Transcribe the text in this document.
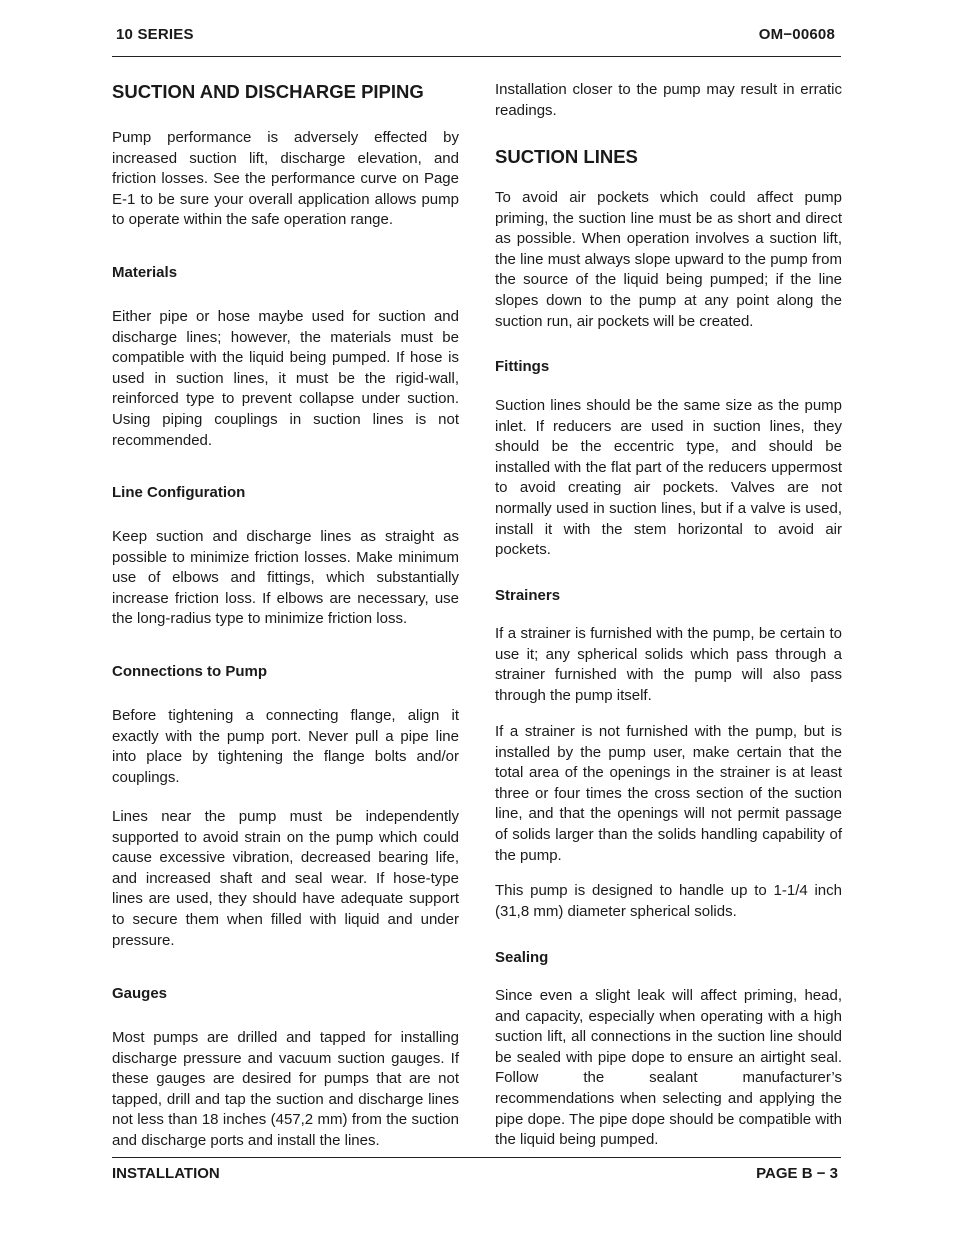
10 SERIES	OM−00608
SUCTION AND DISCHARGE PIPING

Pump performance is adversely effected by increased suction lift, discharge elevation, and friction losses. See the performance curve on Page E-1 to be sure your overall application allows pump to operate within the safe operation range.

Materials

Either pipe or hose maybe used for suction and discharge lines; however, the materials must be compatible with the liquid being pumped. If hose is used in suction lines, it must be the rigid-wall, reinforced type to prevent collapse under suction. Using piping couplings in suction lines is not recommended.

Line Configuration

Keep suction and discharge lines as straight as possible to minimize friction losses. Make minimum use of elbows and fittings, which substantially increase friction loss. If elbows are necessary, use the long-radius type to minimize friction loss.

Connections to Pump

Before tightening a connecting flange, align it exactly with the pump port. Never pull a pipe line into place by tightening the flange bolts and/or couplings.

Lines near the pump must be independently supported to avoid strain on the pump which could cause excessive vibration, decreased bearing life, and increased shaft and seal wear. If hose-type lines are used, they should have adequate support to secure them when filled with liquid and under pressure.

Gauges

Most pumps are drilled and tapped for installing discharge pressure and vacuum suction gauges. If these gauges are desired for pumps that are not tapped, drill and tap the suction and discharge lines not less than 18 inches (457,2 mm) from the suction and discharge ports and install the lines.

Installation closer to the pump may result in erratic readings.

SUCTION LINES

To avoid air pockets which could affect pump priming, the suction line must be as short and direct as possible. When operation involves a suction lift, the line must always slope upward to the pump from the source of the liquid being pumped; if the line slopes down to the pump at any point along the suction run, air pockets will be created.

Fittings

Suction lines should be the same size as the pump inlet. If reducers are used in suction lines, they should be the eccentric type, and should be installed with the flat part of the reducers uppermost to avoid creating air pockets. Valves are not normally used in suction lines, but if a valve is used, install it with the stem horizontal to avoid air pockets.

Strainers

If a strainer is furnished with the pump, be certain to use it; any spherical solids which pass through a strainer furnished with the pump will also pass through the pump itself.

If a strainer is not furnished with the pump, but is installed by the pump user, make certain that the total area of the openings in the strainer is at least three or four times the cross section of the suction line, and that the openings will not permit passage of solids larger than the solids handling capability of the pump.

This pump is designed to handle up to 1-1/4 inch (31,8 mm) diameter spherical solids.

Sealing

Since even a slight leak will affect priming, head, and capacity, especially when operating with a high suction lift, all connections in the suction line should be sealed with pipe dope to ensure an airtight seal. Follow the sealant manufacturer’s recommendations when selecting and applying the pipe dope. The pipe dope should be compatible with the liquid being pumped.

INSTALLATION	PAGE B − 3
